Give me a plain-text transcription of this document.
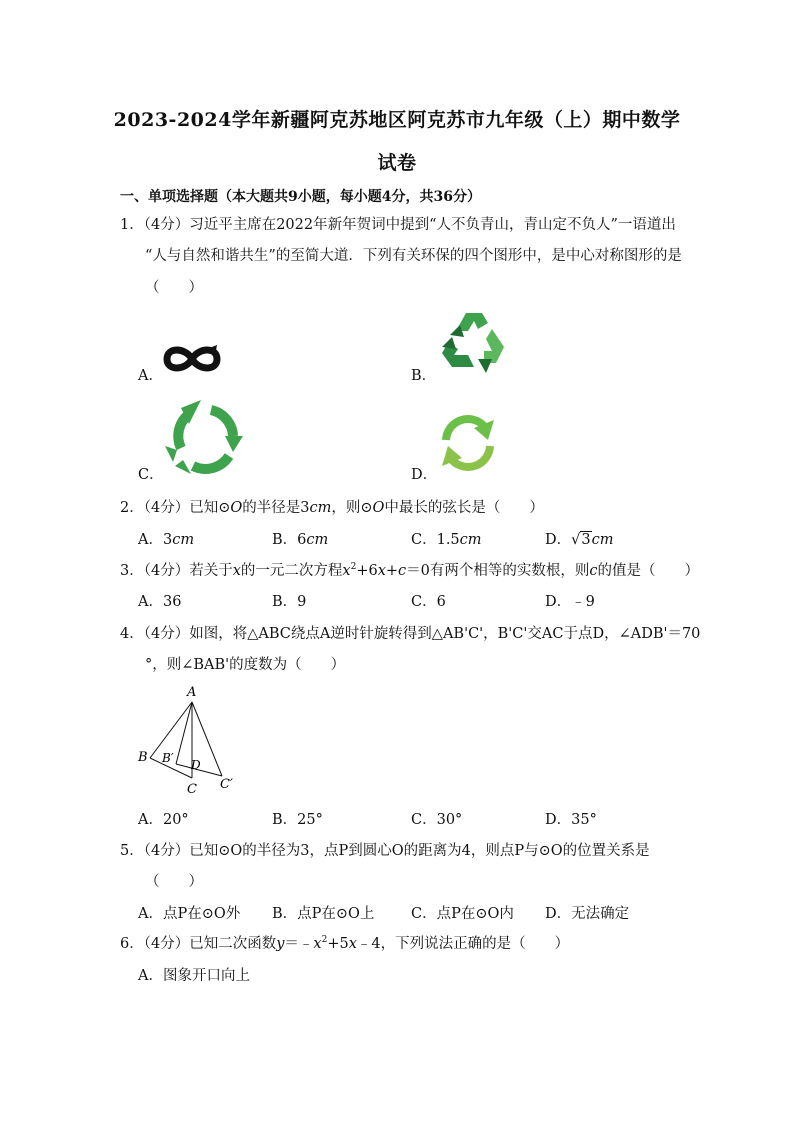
2023-2024学年新疆阿克苏地区阿克苏市九年级（上）期中数学
试卷
一、单项选择题（本大题共9小题，每小题4分，共36分）
1．（4分）习近平主席在2022年新年贺词中提到“人不负青山，青山定不负人”一语道出
“人与自然和谐共生”的至简大道．下列有关环保的四个图形中，是中心对称图形的是
（　　）
A．	B．
C．	D．
2．（4分）已知⊙O的半径是3cm，则⊙O中最长的弦长是（　　）
A．3cm	B．6cm	C．1.5cm	D．√3cm
3．（4分）若关于x的一元二次方程$x^2+6x+c=0$有两个相等的实数根，则c的值是（　　）
A．36	B．9	C．6	D．﹣9
4．（4分）如图，将△ABC绕点A逆时针旋转得到△AB'C'，B'C'交AC于点D，∠ADB'＝70
°，则∠BAB'的度数为（　　）
A
B B′ D
C C′
A．20°	B．25°	C．30°	D．35°
5．（4分）已知⊙O的半径为3，点P到圆心O的距离为4，则点P与⊙O的位置关系是
（　　）
A．点P在⊙O外 B．点P在⊙O上	C．点P在⊙O内 D．无法确定
6．（4分）已知二次函数$y=﹣x^2+5x﹣4$，下列说法正确的是（　　）
A．图象开口向上
